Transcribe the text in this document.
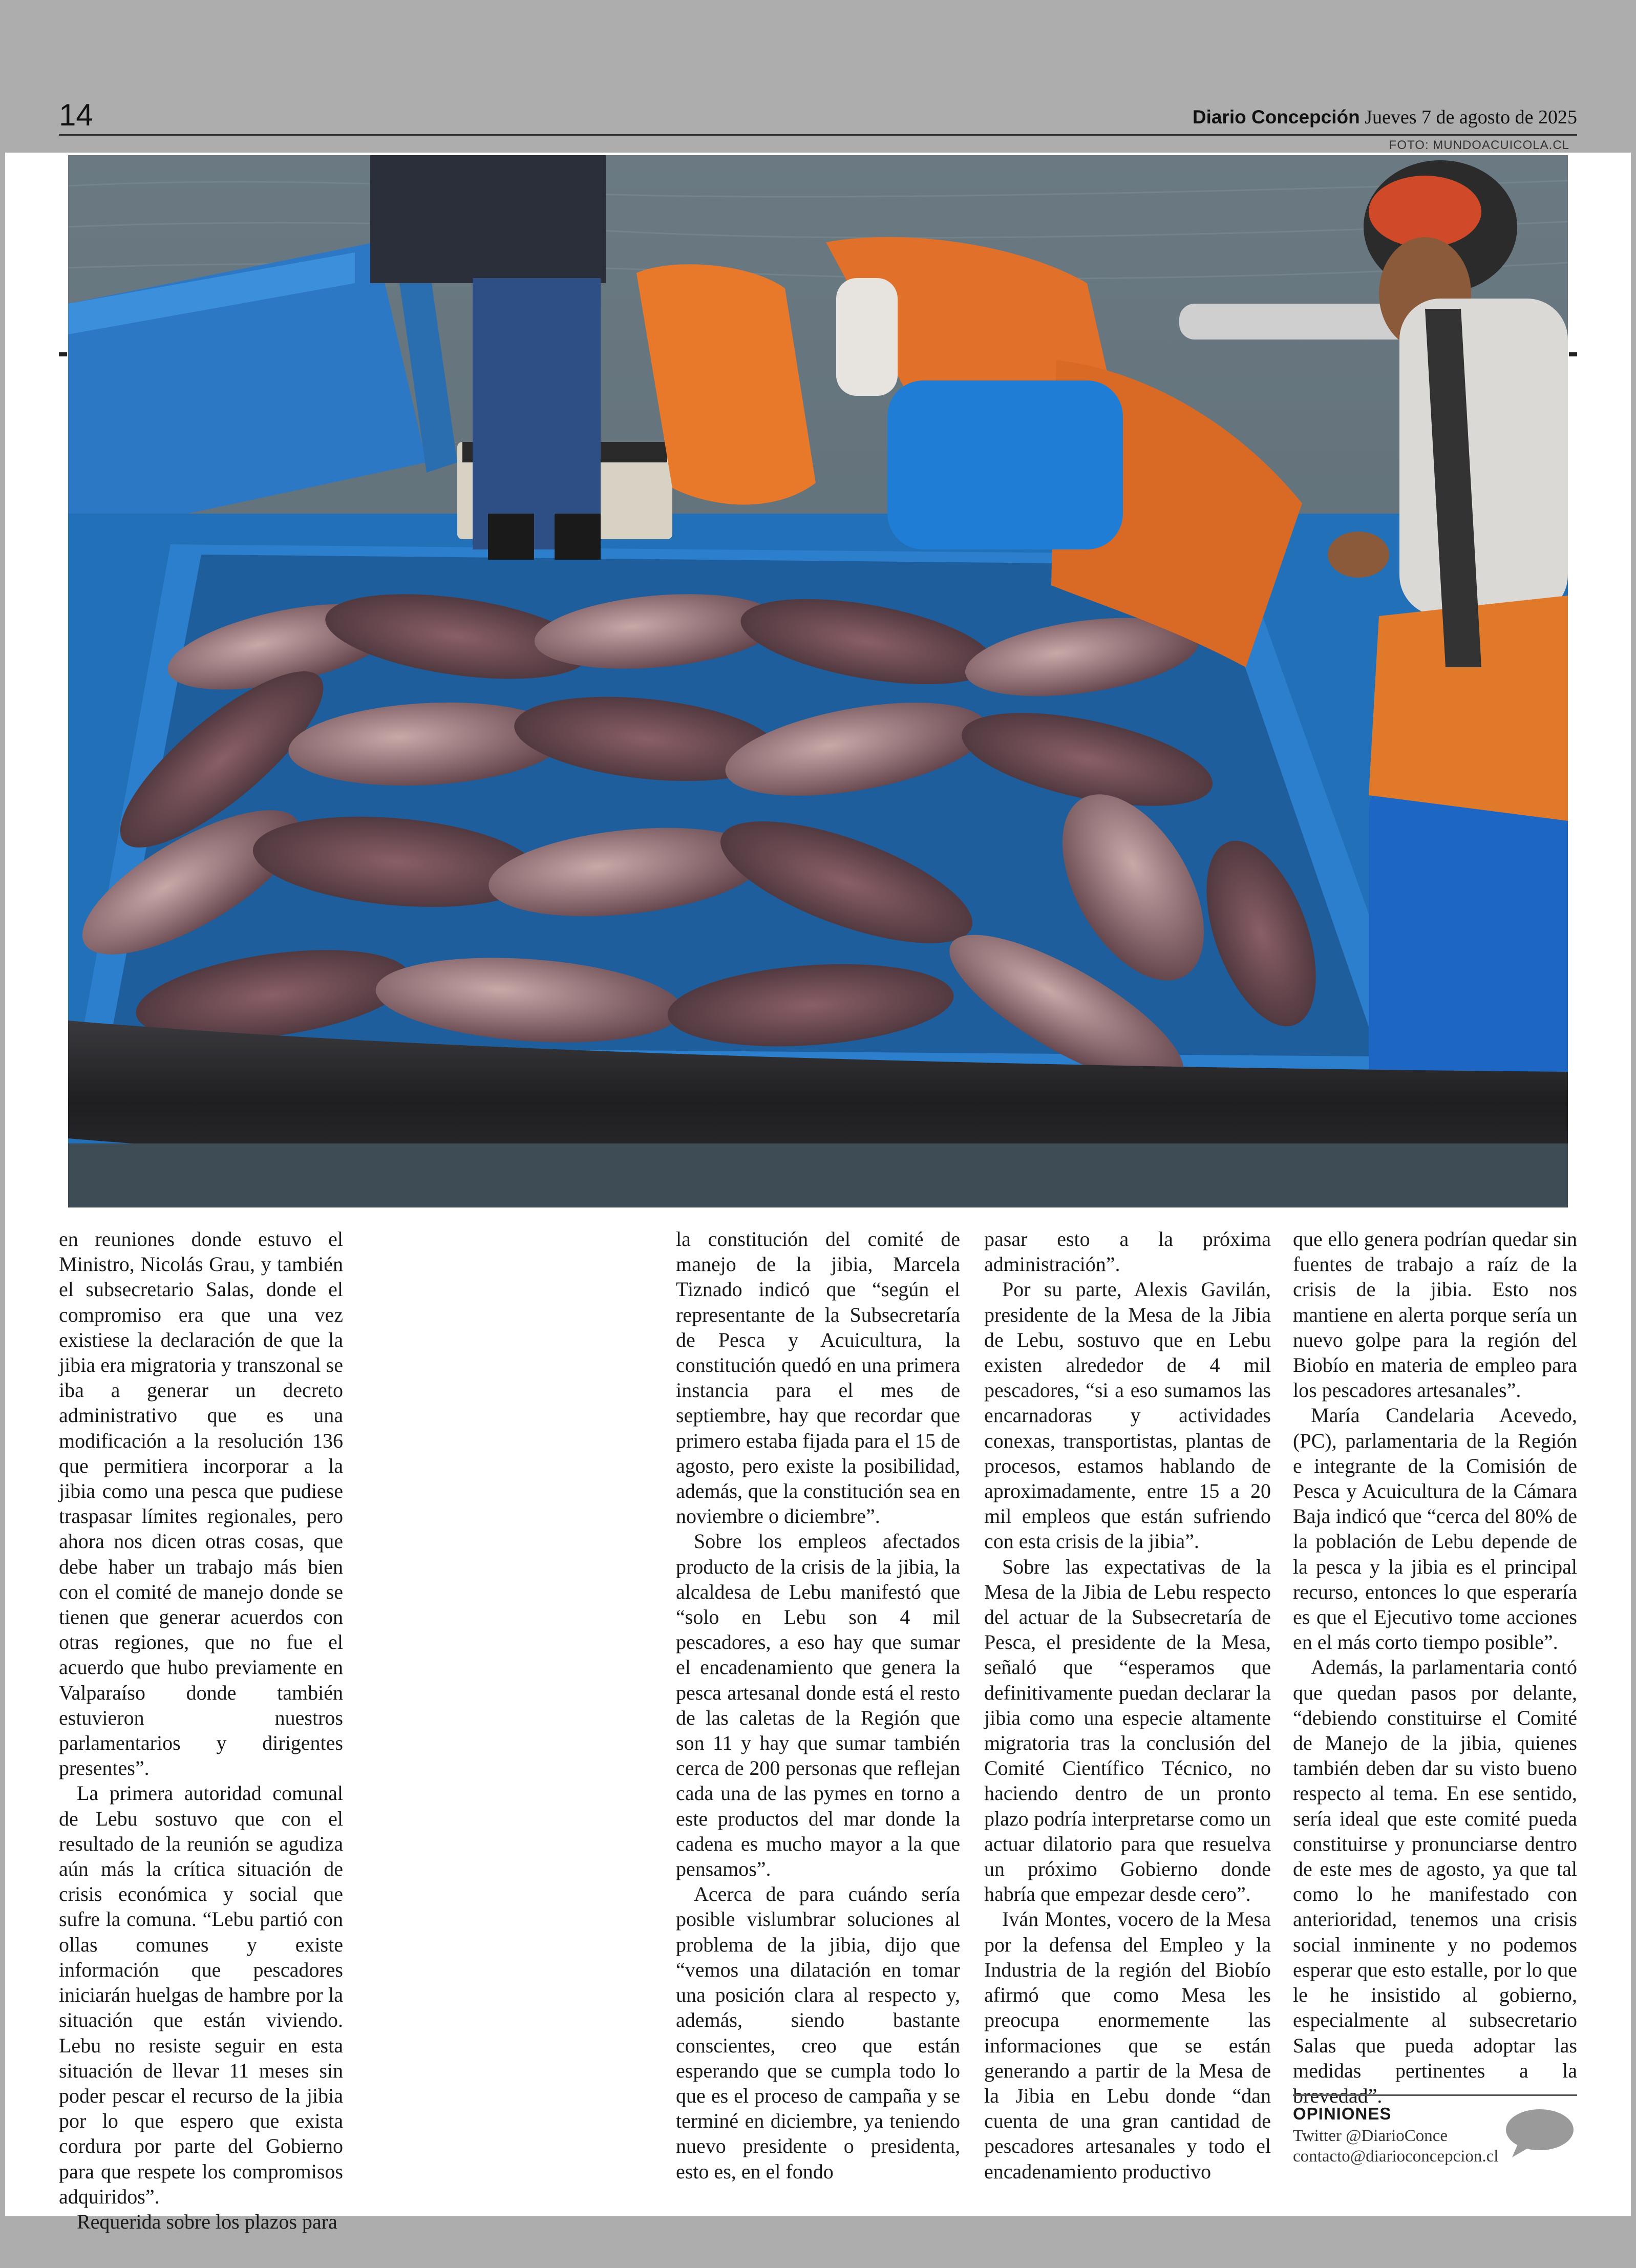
14	Diario Concepción Jueves 7 de agosto de 2025
FOTO: MUNDOACUICOLA.CL

en reuniones donde estuvo el Ministro, Nicolás Grau, y también el subsecretario Salas, donde el compromiso era que una vez existiese la declaración de que la jibia era migratoria y transzonal se iba a generar un decreto administrativo que es una modificación a la resolución 136 que permitiera incorporar a la jibia como una pesca que pudiese traspasar límites regionales, pero ahora nos dicen otras cosas, que debe haber un trabajo más bien con el comité de manejo donde se tienen que generar acuerdos con otras regiones, que no fue el acuerdo que hubo previamente en Valparaíso donde también estuvieron nuestros parlamentarios y dirigentes presentes”.

La primera autoridad comunal de Lebu sostuvo que con el resultado de la reunión se agudiza aún más la crítica situación de crisis económica y social que sufre la comuna. “Lebu partió con ollas comunes y existe información que pescadores iniciarán huelgas de hambre por la situación que están viviendo. Lebu no resiste seguir en esta situación de llevar 11 meses sin poder pescar el recurso de la jibia por lo que espero que exista cordura por parte del Gobierno para que respete los compromisos adquiridos”.

Requerida sobre los plazos para

la constitución del comité de manejo de la jibia, Marcela Tiznado indicó que “según el representante de la Subsecretaría de Pesca y Acuicultura, la constitución quedó en una primera instancia para el mes de septiembre, hay que recordar que primero estaba fijada para el 15 de agosto, pero existe la posibilidad, además, que la constitución sea en noviembre o diciembre”.

Sobre los empleos afectados producto de la crisis de la jibia, la alcaldesa de Lebu manifestó que “solo en Lebu son 4 mil pescadores, a eso hay que sumar el encadenamiento que genera la pesca artesanal donde está el resto de las caletas de la Región que son 11 y hay que sumar también cerca de 200 personas que reflejan cada una de las pymes en torno a este productos del mar donde la cadena es mucho mayor a la que pensamos”.

Acerca de para cuándo sería posible vislumbrar soluciones al problema de la jibia, dijo que “vemos una dilatación en tomar una posición clara al respecto y, además, siendo bastante conscientes, creo que están esperando que se cumpla todo lo que es el proceso de campaña y se terminé en diciembre, ya teniendo nuevo presidente o presidenta, esto es, en el fondo

pasar esto a la próxima administración”.

Por su parte, Alexis Gavilán, presidente de la Mesa de la Jibia de Lebu, sostuvo que en Lebu existen alrededor de 4 mil pescadores, “si a eso sumamos las encarnadoras y actividades conexas, transportistas, plantas de procesos, estamos hablando de aproximadamente, entre 15 a 20 mil empleos que están sufriendo con esta crisis de la jibia”.

Sobre las expectativas de la Mesa de la Jibia de Lebu respecto del actuar de la Subsecretaría de Pesca, el presidente de la Mesa, señaló que “esperamos que definitivamente puedan declarar la jibia como una especie altamente migratoria tras la conclusión del Comité Científico Técnico, no haciendo dentro de un pronto plazo podría interpretarse como un actuar dilatorio para que resuelva un próximo Gobierno donde habría que empezar desde cero”.

Iván Montes, vocero de la Mesa por la defensa del Empleo y la Industria de la región del Biobío afirmó que como Mesa les preocupa enormemente las informaciones que se están generando a partir de la Mesa de la Jibia en Lebu donde “dan cuenta de una gran cantidad de pescadores artesanales y todo el encadenamiento productivo

que ello genera podrían quedar sin fuentes de trabajo a raíz de la crisis de la jibia. Esto nos mantiene en alerta porque sería un nuevo golpe para la región del Biobío en materia de empleo para los pescadores artesanales”.

María Candelaria Acevedo, (PC), parlamentaria de la Región e integrante de la Comisión de Pesca y Acuicultura de la Cámara Baja indicó que “cerca del 80% de la población de Lebu depende de la pesca y la jibia es el principal recurso, entonces lo que esperaría es que el Ejecutivo tome acciones en el más corto tiempo posible”.

Además, la parlamentaria contó que quedan pasos por delante, “debiendo constituirse el Comité de Manejo de la jibia, quienes también deben dar su visto bueno respecto al tema. En ese sentido, sería ideal que este comité pueda constituirse y pronunciarse dentro de este mes de agosto, ya que tal como lo he manifestado con anterioridad, tenemos una crisis social inminente y no podemos esperar que esto estalle, por lo que le he insistido al gobierno, especialmente al subsecretario Salas que pueda adoptar las medidas pertinentes a la brevedad”.

OPINIONES
Twitter @DiarioConce
contacto@diarioconcepcion.cl
